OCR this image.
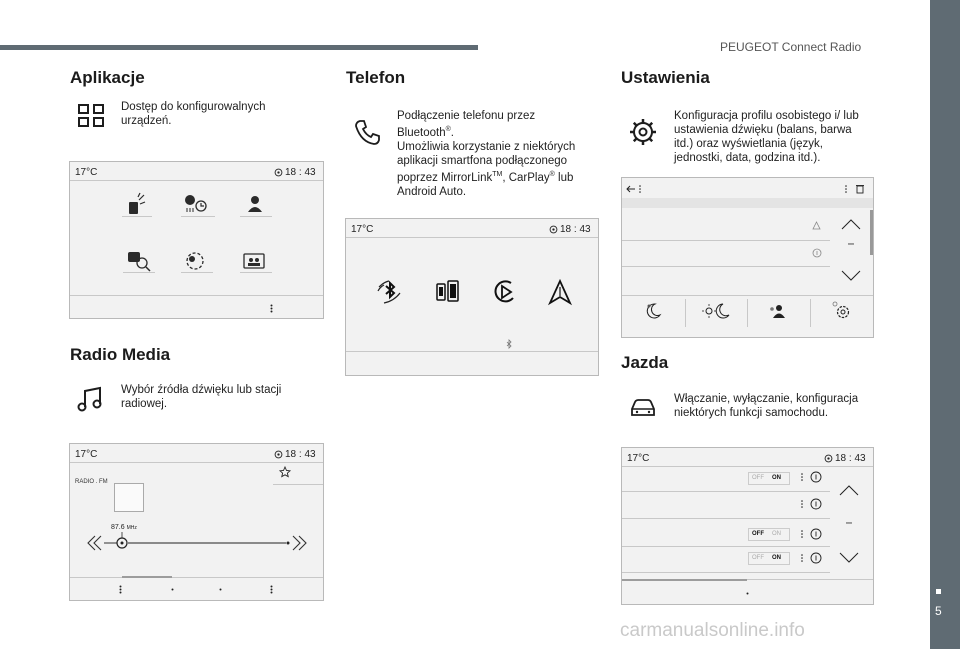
PEUGEOT Connect Radio
5
Aplikacje
Dostęp do konfigurowalnych urządzeń.
17°C	18 : 43
Radio Media
Wybór źródła dźwięku lub stacji radiowej.
17°C	18 : 43
RADIO . FM
87.6 MHz
Telefon
Podłączenie telefonu przez
Bluetooth®.
Umożliwia korzystanie z niektórych aplikacji smartfona podłączonego poprzez MirrorLink™, CarPlay® lub Android Auto.
17°C	18 : 43
Ustawienia
Konfiguracja profilu osobistego i/ lub ustawienia dźwięku (balans, barwa itd.) oraz wyświetlania (język, jednostki, data, godzina itd.).
Jazda
Włączanie, wyłączanie, konfiguracja niektórych funkcji samochodu.
17°C	18 : 43
OFF ON
OFF ON
OFF ON
carmanualsonline.info
